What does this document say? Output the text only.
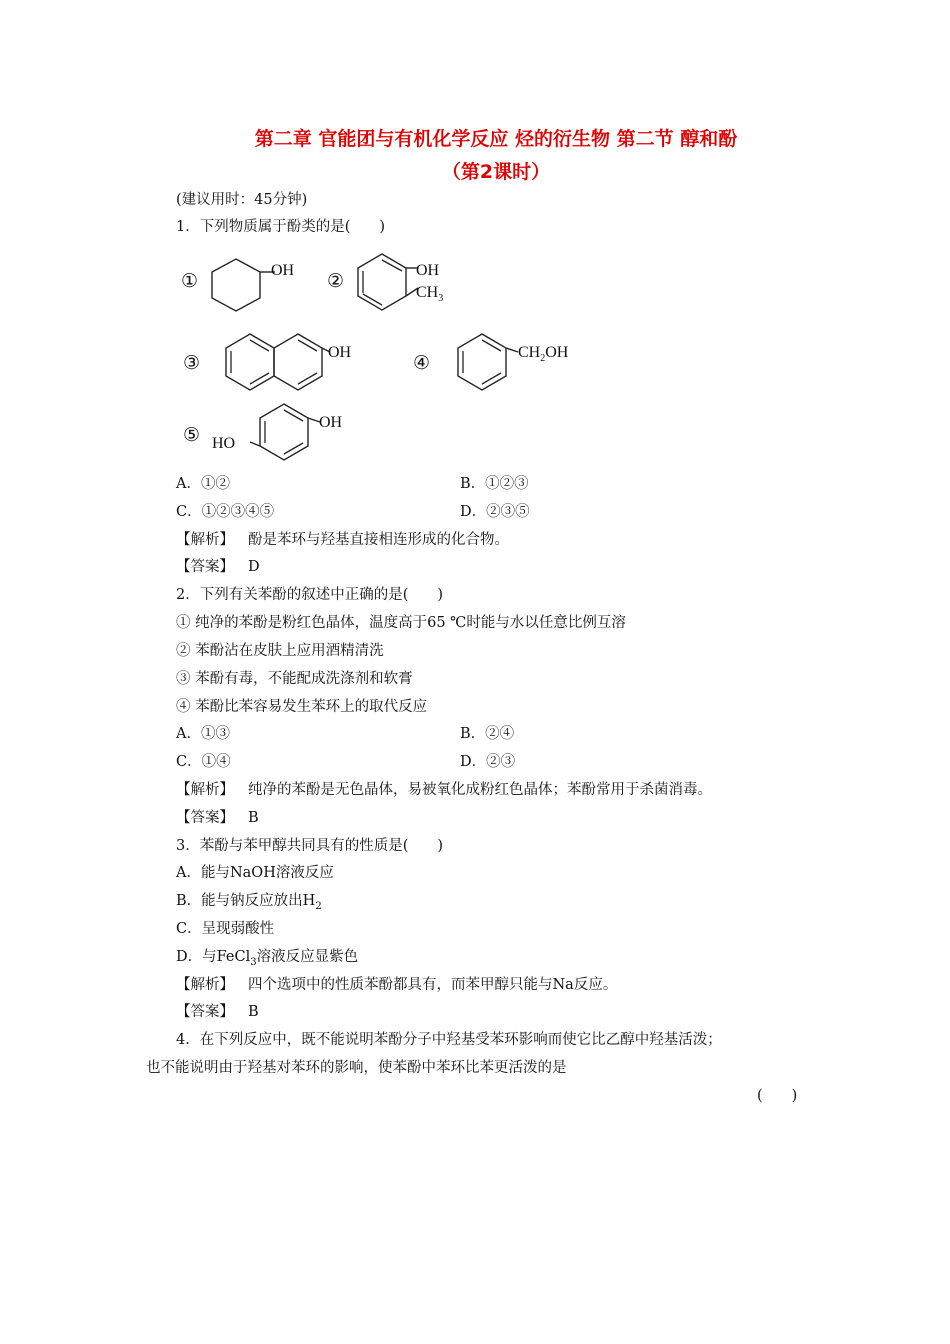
第二章 官能团与有机化学反应 烃的衍生物 第二节 醇和酚
（第2课时）
(建议用时：45分钟)
1．下列物质属于酚类的是(　　)
①	OH ②	OH
$CH_3$
③	OH	④	$CH_2OH$
⑤
OH
HO
A．①②	B．①②③
C．①②③④⑤	D．②③⑤
【解析】 酚是苯环与羟基直接相连形成的化合物。
【答案】 D
2．下列有关苯酚的叙述中正确的是(　　)
① 纯净的苯酚是粉红色晶体，温度高于65 ℃时能与水以任意比例互溶
② 苯酚沾在皮肤上应用酒精清洗
③ 苯酚有毒，不能配成洗涤剂和软膏
④ 苯酚比苯容易发生苯环上的取代反应
A．①③	B．②④
C．①④	D．②③
【解析】 纯净的苯酚是无色晶体，易被氧化成粉红色晶体；苯酚常用于杀菌消毒。
【答案】 B
3．苯酚与苯甲醇共同具有的性质是(　　)
A．能与NaOH溶液反应
B．能与钠反应放出$H_2$
C．呈现弱酸性
D．与FeCl$_3$溶液反应显紫色
【解析】 四个选项中的性质苯酚都具有，而苯甲醇只能与Na反应。
【答案】 B
4．在下列反应中，既不能说明苯酚分子中羟基受苯环影响而使它比乙醇中羟基活泼；
也不能说明由于羟基对苯环的影响，使苯酚中苯环比苯更活泼的是
(　　)
